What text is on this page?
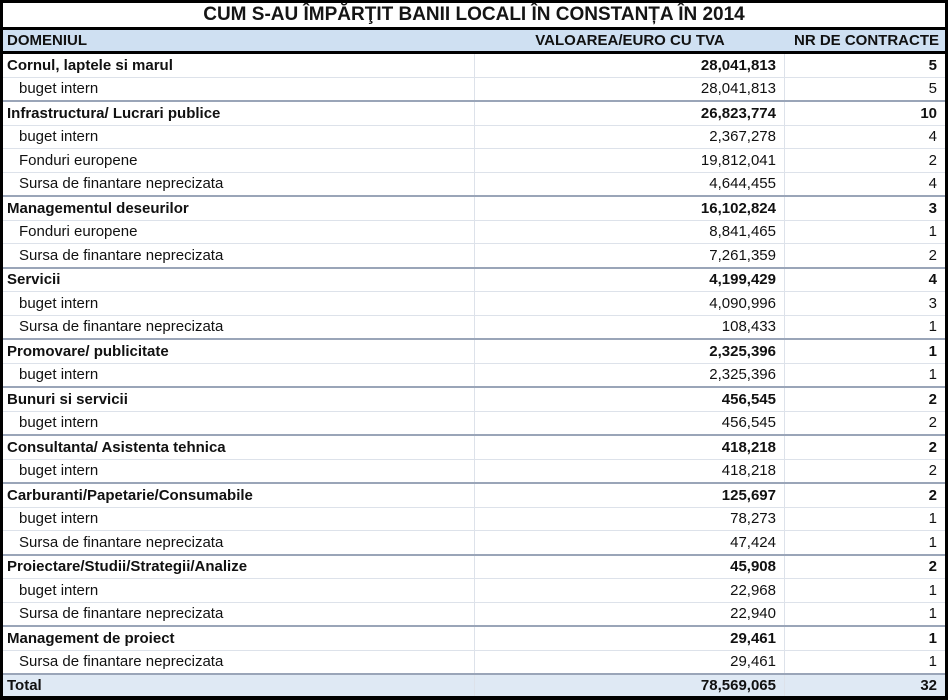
CUM S-AU ÎMPĂRŢIT BANII LOCALI ÎN CONSTANȚA ÎN 2014
DOMENIUL	VALOAREA/EURO CU TVA	NR DE CONTRACTE
Cornul, laptele si marul	28,041,813	5
buget intern	28,041,813	5
Infrastructura/ Lucrari publice	26,823,774	10
buget intern	2,367,278	4
Fonduri europene	19,812,041	2
Sursa de finantare neprecizata	4,644,455	4
Managementul deseurilor	16,102,824	3
Fonduri europene	8,841,465	1
Sursa de finantare neprecizata	7,261,359	2
Servicii	4,199,429	4
buget intern	4,090,996	3
Sursa de finantare neprecizata	108,433	1
Promovare/ publicitate	2,325,396	1
buget intern	2,325,396	1
Bunuri si servicii	456,545	2
buget intern	456,545	2
Consultanta/ Asistenta tehnica	418,218	2
buget intern	418,218	2
Carburanti/Papetarie/Consumabile	125,697	2
buget intern	78,273	1
Sursa de finantare neprecizata	47,424	1
Proiectare/Studii/Strategii/Analize	45,908	2
buget intern	22,968	1
Sursa de finantare neprecizata	22,940	1
Management de proiect	29,461	1
Sursa de finantare neprecizata	29,461	1
Total	78,569,065	32
